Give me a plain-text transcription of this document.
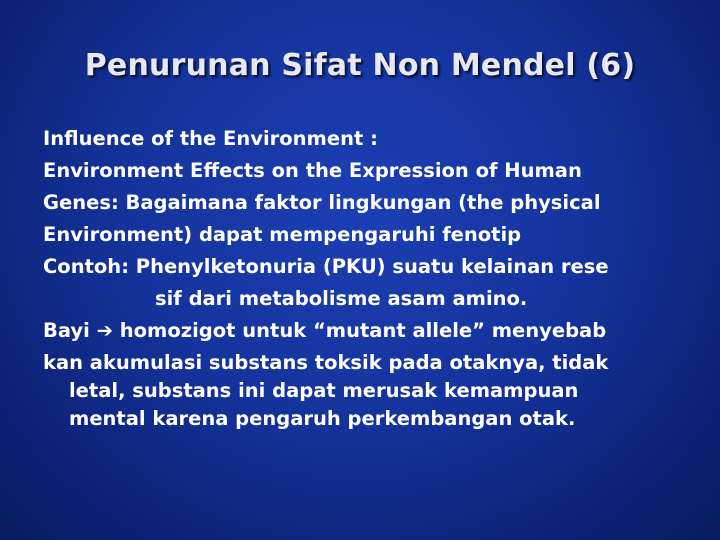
Penurunan Sifat Non Mendel (6)
Influence of the Environment :
Environment Effects on the Expression of Human
Genes: Bagaimana faktor lingkungan (the physical
Environment) dapat mempengaruhi fenotip
Contoh: Phenylketonuria (PKU) suatu kelainan rese
sif dari metabolisme asam amino.
Bayi ➔ homozigot untuk “mutant allele” menyebab
kan akumulasi substans toksik pada otaknya, tidak
letal, substans ini dapat merusak kemampuan
mental karena pengaruh perkembangan otak.
